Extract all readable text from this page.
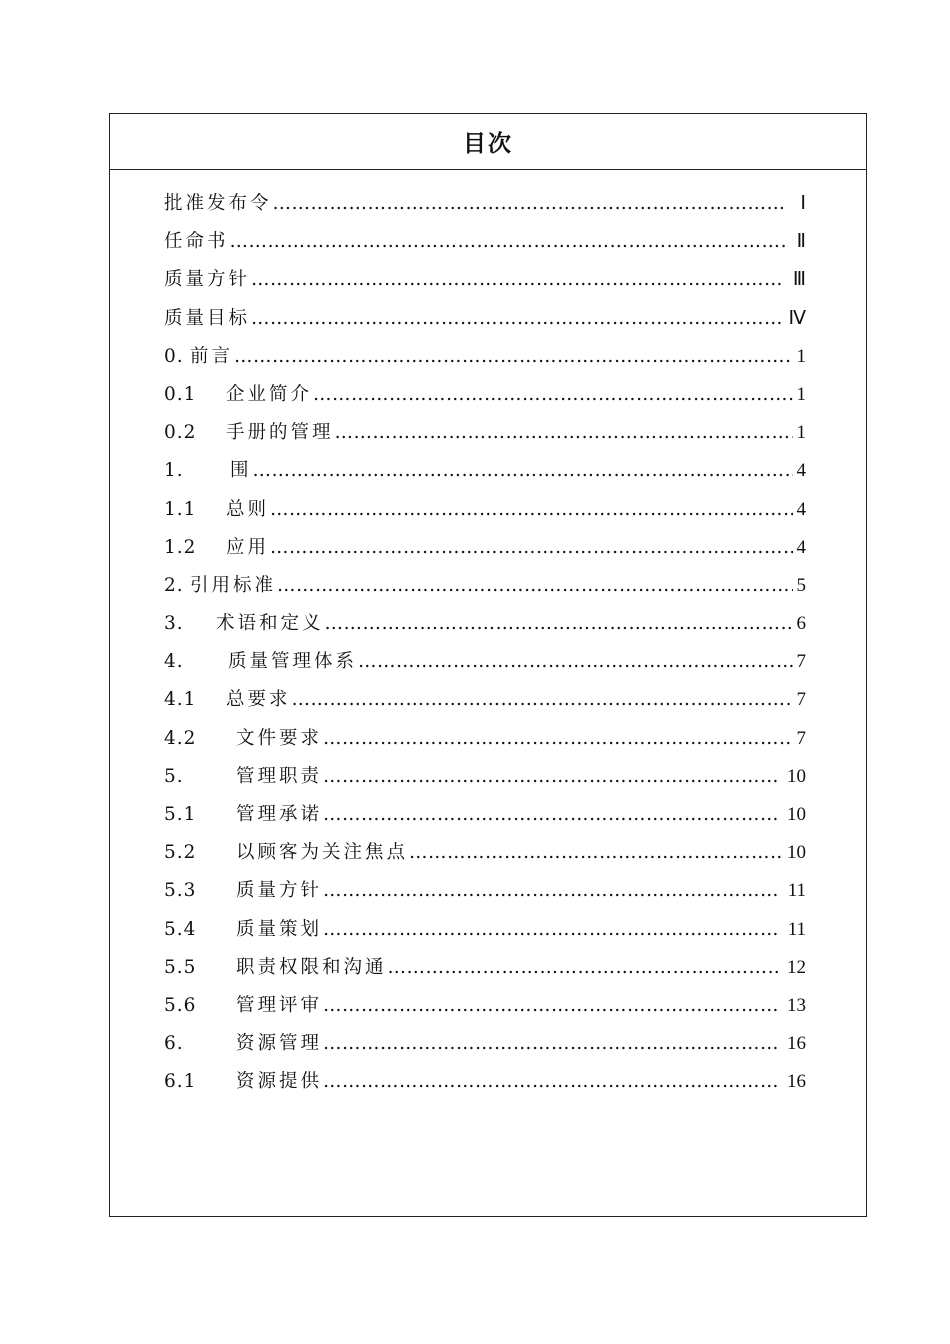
目次
批准发布令 …………………………………………………………………………………………………………………………………………………………	Ⅰ
任命书 …………………………………………………………………………………………………………………………………………………………	Ⅱ
质量方针 …………………………………………………………………………………………………………………………………………………………	Ⅲ
质量目标 …………………………………………………………………………………………………………………………………………………………	Ⅳ
0. 前言 …………………………………………………………………………………………………………………………………………………………	1
0.1	企业简介 …………………………………………………………………………………………………………………………………………………………	1
0.2	手册的管理 …………………………………………………………………………………………………………………………………………………………	1
1.	围 …………………………………………………………………………………………………………………………………………………………	4
1.1	总则 …………………………………………………………………………………………………………………………………………………………	4
1.2	应用 …………………………………………………………………………………………………………………………………………………………	4
2. 引用标准 …………………………………………………………………………………………………………………………………………………………	5
3.	术语和定义 …………………………………………………………………………………………………………………………………………………………	6
4.	质量管理体系 …………………………………………………………………………………………………………………………………………………………	7
4.1	总要求 …………………………………………………………………………………………………………………………………………………………	7
4.2	文件要求 …………………………………………………………………………………………………………………………………………………………	7
5.	管理职责 …………………………………………………………………………………………………………………………………………………………	10
5.1	管理承诺 …………………………………………………………………………………………………………………………………………………………	10
5.2	以顾客为关注焦点 …………………………………………………………………………………………………………………………………………………………	10
5.3	质量方针 …………………………………………………………………………………………………………………………………………………………	11
5.4	质量策划 …………………………………………………………………………………………………………………………………………………………	11
5.5	职责权限和沟通 …………………………………………………………………………………………………………………………………………………………	12
5.6	管理评审 …………………………………………………………………………………………………………………………………………………………	13
6.	资源管理 …………………………………………………………………………………………………………………………………………………………	16
6.1	资源提供 …………………………………………………………………………………………………………………………………………………………	16
